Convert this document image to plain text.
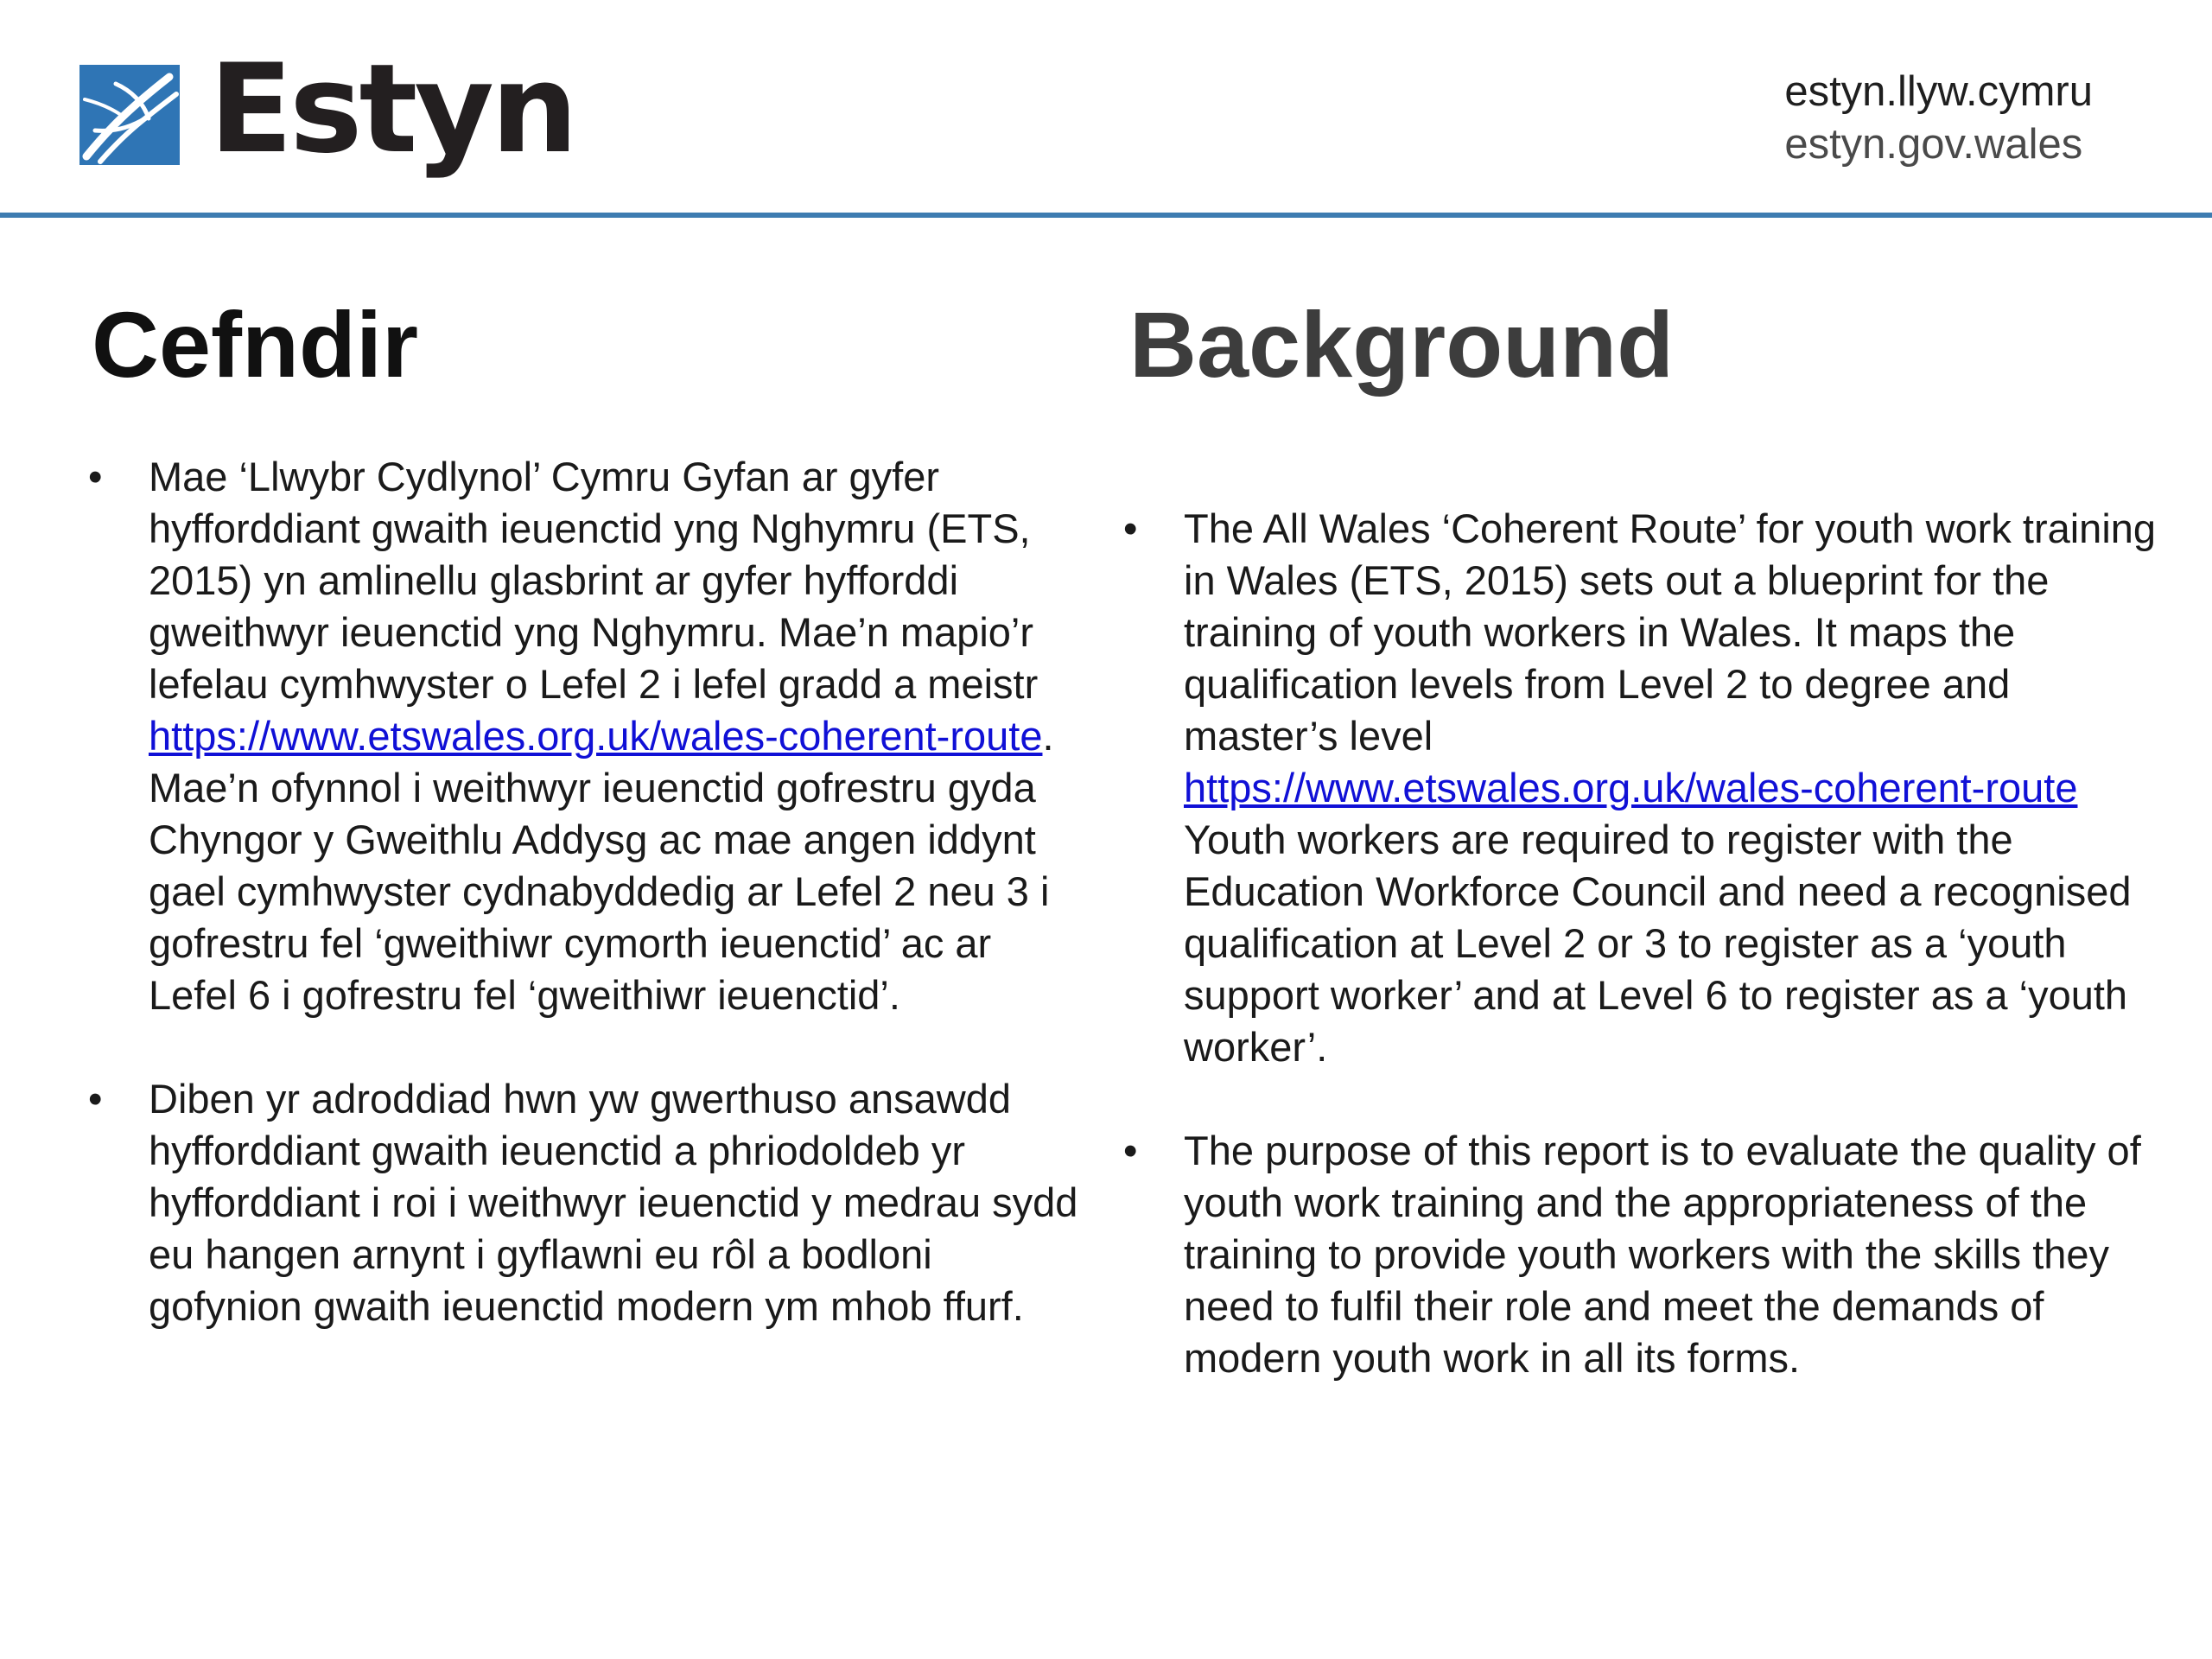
Estyn	estyn.llyw.cymru
estyn.gov.wales
Cefndir	Background
• Mae ‘Llwybr Cydlynol’ Cymru Gyfan ar gyfer hyfforddiant gwaith ieuenctid yng Nghymru (ETS, 2015) yn amlinellu glasbrint ar gyfer hyfforddi gweithwyr ieuenctid yng Nghymru. Mae’n mapio’r lefelau cymhwyster o Lefel 2 i lefel gradd a meistr https://www.etswales.org.uk/wales-coherent-route. Mae’n ofynnol i weithwyr ieuenctid gofrestru gyda Chyngor y Gweithlu Addysg ac mae angen iddynt gael cymhwyster cydnabyddedig ar Lefel 2 neu 3 i gofrestru fel ‘gweithiwr cymorth ieuenctid’ ac ar Lefel 6 i gofrestru fel ‘gweithiwr ieuenctid’.
• Diben yr adroddiad hwn yw gwerthuso ansawdd hyfforddiant gwaith ieuenctid a phriodoldeb yr hyfforddiant i roi i weithwyr ieuenctid y medrau sydd eu hangen arnynt i gyflawni eu rôl a bodloni gofynion gwaith ieuenctid modern ym mhob ffurf.
• The All Wales ‘Coherent Route’ for youth work training in Wales (ETS, 2015) sets out a blueprint for the training of youth workers in Wales. It maps the qualification levels from Level 2 to degree and master’s level https://www.etswales.org.uk/wales-coherent-route Youth workers are required to register with the Education Workforce Council and need a recognised qualification at Level 2 or 3 to register as a ‘youth support worker’ and at Level 6 to register as a ‘youth worker’.
• The purpose of this report is to evaluate the quality of youth work training and the appropriateness of the training to provide youth workers with the skills they need to fulfil their role and meet the demands of modern youth work in all its forms.
